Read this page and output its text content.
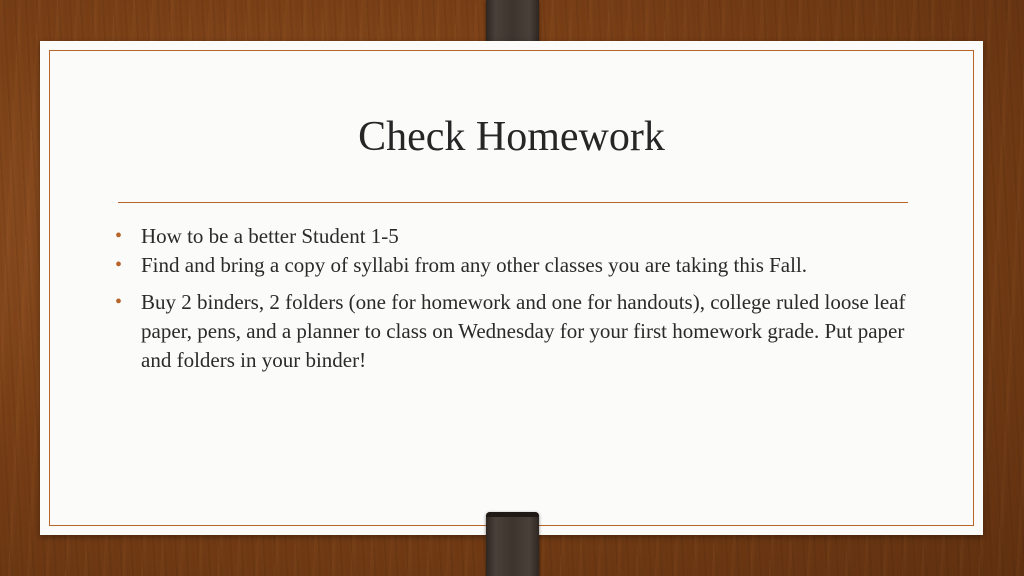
Check Homework
• How to be a better Student 1-5
• Find and bring a copy of syllabi from any other classes you are taking this Fall.
• Buy 2 binders, 2 folders (one for homework and one for handouts), college ruled loose leaf paper, pens, and a planner to class on Wednesday for your first homework grade. Put paper and folders in your binder!
